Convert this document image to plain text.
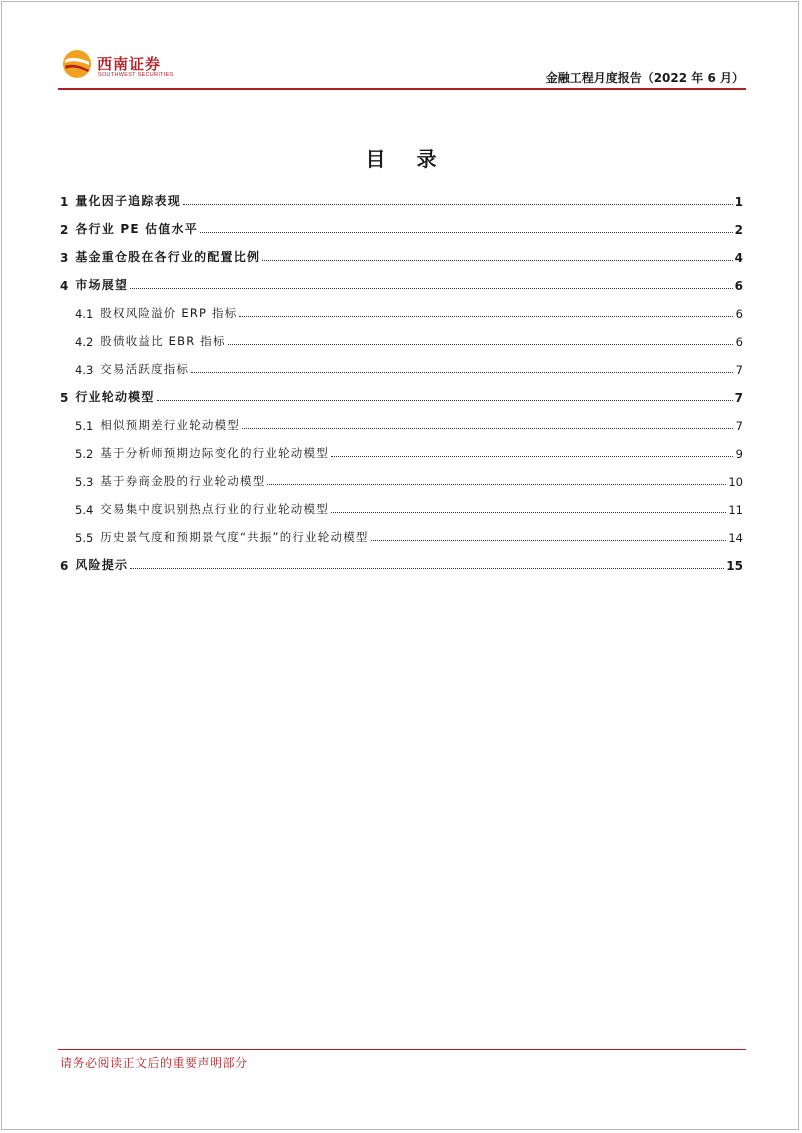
西南证券
SOUTHWEST SECURITIES	金融工程月度报告（2022 年 6 月）
目 录
1 量化因子追踪表现	1
2 各行业 PE 估值水平	2
3 基金重仓股在各行业的配置比例	4
4 市场展望	6
4.1 股权风险溢价 ERP 指标	6
4.2 股债收益比 EBR 指标	6
4.3 交易活跃度指标	7
5 行业轮动模型	7
5.1 相似预期差行业轮动模型	7
5.2 基于分析师预期边际变化的行业轮动模型	9
5.3 基于券商金股的行业轮动模型	10
5.4 交易集中度识别热点行业的行业轮动模型	11
5.5 历史景气度和预期景气度“共振”的行业轮动模型	14
6 风险提示	15
请务必阅读正文后的重要声明部分
